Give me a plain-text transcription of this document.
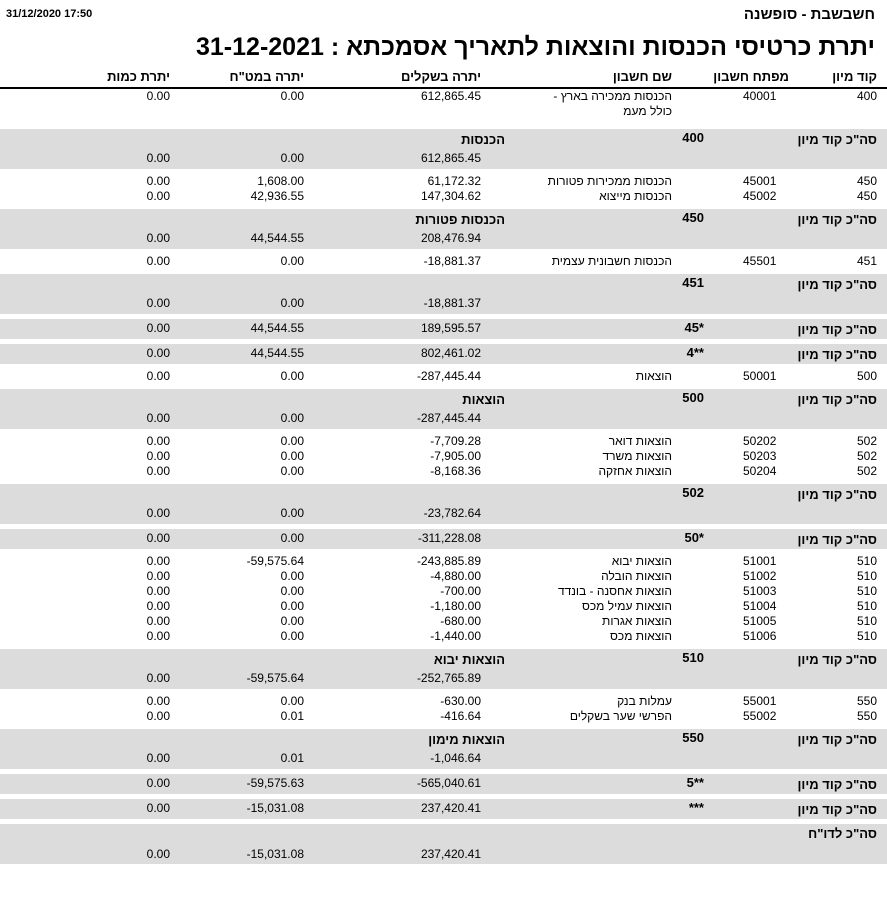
31/12/2020 17:50	חשבשבת - סופשנה
יתרת כרטיסי הכנסות והוצאות לתאריך אסמכתא : 31-12-2021
קוד מיון
מפתח חשבון
שם חשבון
יתרה בשקלים
יתרה במט"ח
יתרת כמות
400
40001
הכנסות ממכירה בארץ - כולל מעמ
612,865.45
0.00
0.00
סה"כ קוד מיון
400
הכנסות
612,865.45
0.00
0.00
450
45001
הכנסות ממכירות פטורות
61,172.32
1,608.00
0.00
450
45002
הכנסות מייצוא
147,304.62
42,936.55
0.00
סה"כ קוד מיון
450
הכנסות פטורות
208,476.94
44,544.55
0.00
451
45501
הכנסות חשבונית עצמית
-18,881.37
0.00
0.00
סה"כ קוד מיון
451
-18,881.37
0.00
0.00
סה"כ קוד מיון
45*
189,595.57
44,544.55
0.00
סה"כ קוד מיון
4**
802,461.02
44,544.55
0.00
500
50001
הוצאות
-287,445.44
0.00
0.00
סה"כ קוד מיון
500
הוצאות
-287,445.44
0.00
0.00
502
50202
הוצאות דואר
-7,709.28
0.00
0.00
502
50203
הוצאות משרד
-7,905.00
0.00
0.00
502
50204
הוצאות אחזקה
-8,168.36
0.00
0.00
סה"כ קוד מיון
502
-23,782.64
0.00
0.00
סה"כ קוד מיון
50*
-311,228.08
0.00
0.00
510
51001
הוצאות יבוא
-243,885.89
-59,575.64
0.00
510
51002
הוצאות הובלה
-4,880.00
0.00
0.00
510
51003
הוצאות אחסנה - בונדד
-700.00
0.00
0.00
510
51004
הוצאות עמיל מכס
-1,180.00
0.00
0.00
510
51005
הוצאות אגרות
-680.00
0.00
0.00
510
51006
הוצאות מכס
-1,440.00
0.00
0.00
סה"כ קוד מיון
510
הוצאות יבוא
-252,765.89
-59,575.64
0.00
550
55001
עמלות בנק
-630.00
0.00
0.00
550
55002
הפרשי שער בשקלים
-416.64
0.01
0.00
סה"כ קוד מיון
550
הוצאות מימון
-1,046.64
0.01
0.00
סה"כ קוד מיון
5**
-565,040.61
-59,575.63
0.00
סה"כ קוד מיון
***
237,420.41
-15,031.08
0.00
סה"כ לדו"ח
237,420.41
-15,031.08
0.00
